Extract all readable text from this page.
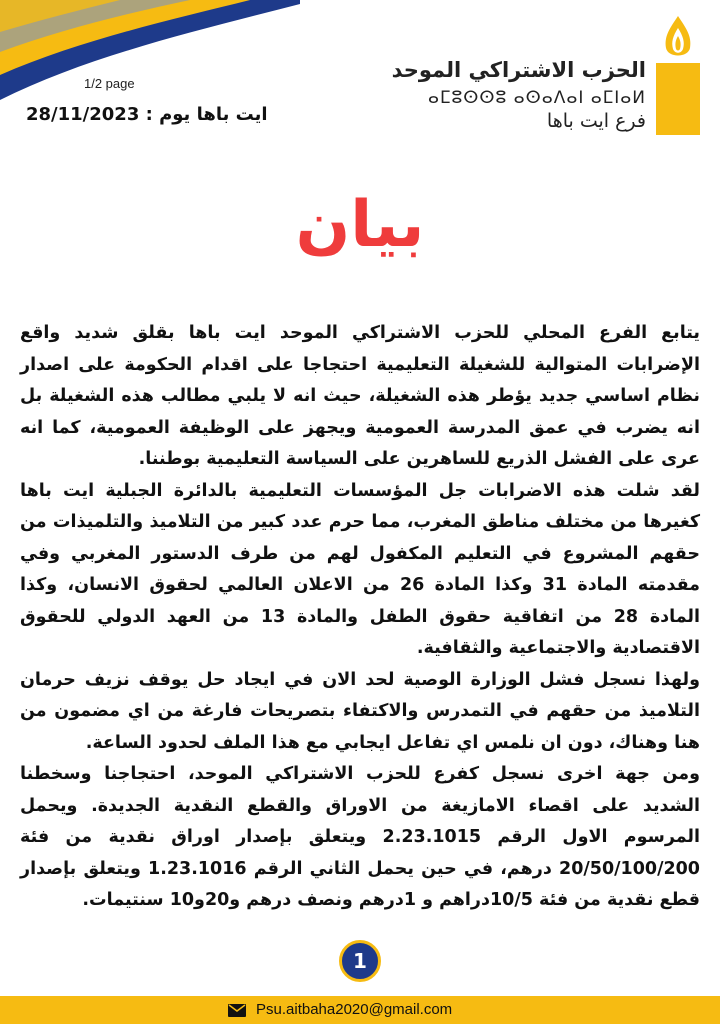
1/2 page
ايت باها يوم : 28/11/2023
الحزب الاشتراكي الموحد
ⴰⵎⵓⵙⵙⵓ ⴰⵙⴰⴷⴰⵏ ⴰⵎⵏⴰⵍ
فرع ايت باها
بيان

يتابع الفرع المحلي للحزب الاشتراكي الموحد ايت باها بقلق شديد واقع الإضرابات المتوالية للشغيلة التعليمية احتجاجا على اقدام الحكومة على اصدار نظام اساسي جديد يؤطر هذه الشغيلة، حيث انه لا يلبي مطالب هذه الشغيلة بل انه يضرب في عمق المدرسة العمومية ويجهز على الوظيفة العمومية، كما انه عرى على الفشل الذريع للساهرين على السياسة التعليمية بوطننا.

لقد شلت هذه الاضرابات جل المؤسسات التعليمية بالدائرة الجبلية ايت باها كغيرها من مختلف مناطق المغرب، مما حرم عدد كبير من التلاميذ والتلميذات من حقهم المشروع في التعليم المكفول لهم من طرف الدستور المغربي وفي مقدمته المادة 31 وكذا المادة 26 من الاعلان العالمي لحقوق الانسان، وكذا المادة 28 من اتفاقية حقوق الطفل والمادة 13 من العهد الدولي للحقوق الاقتصادية والاجتماعية والثقافية.

ولهذا نسجل فشل الوزارة الوصية لحد الان في ايجاد حل يوقف نزيف حرمان التلاميذ من حقهم في التمدرس والاكتفاء بتصريحات فارغة من اي مضمون من هنا وهناك، دون ان نلمس اي تفاعل ايجابي مع هذا الملف لحدود الساعة.

ومن جهة اخرى نسجل كفرع للحزب الاشتراكي الموحد، احتجاجنا وسخطنا الشديد على اقصاء الامازيغة من الاوراق والقطع النقدية الجديدة. ويحمل المرسوم الاول الرقم 2.23.1015 ويتعلق بإصدار اوراق نقدية من فئة 20/50/100/200 درهم، في حين يحمل الثاني الرقم 1.23.1016 ويتعلق بإصدار قطع نقدية من فئة 10/5دراهم و 1درهم ونصف درهم و20و10 سنتيمات.

1
Psu.aitbaha2020@gmail.com
